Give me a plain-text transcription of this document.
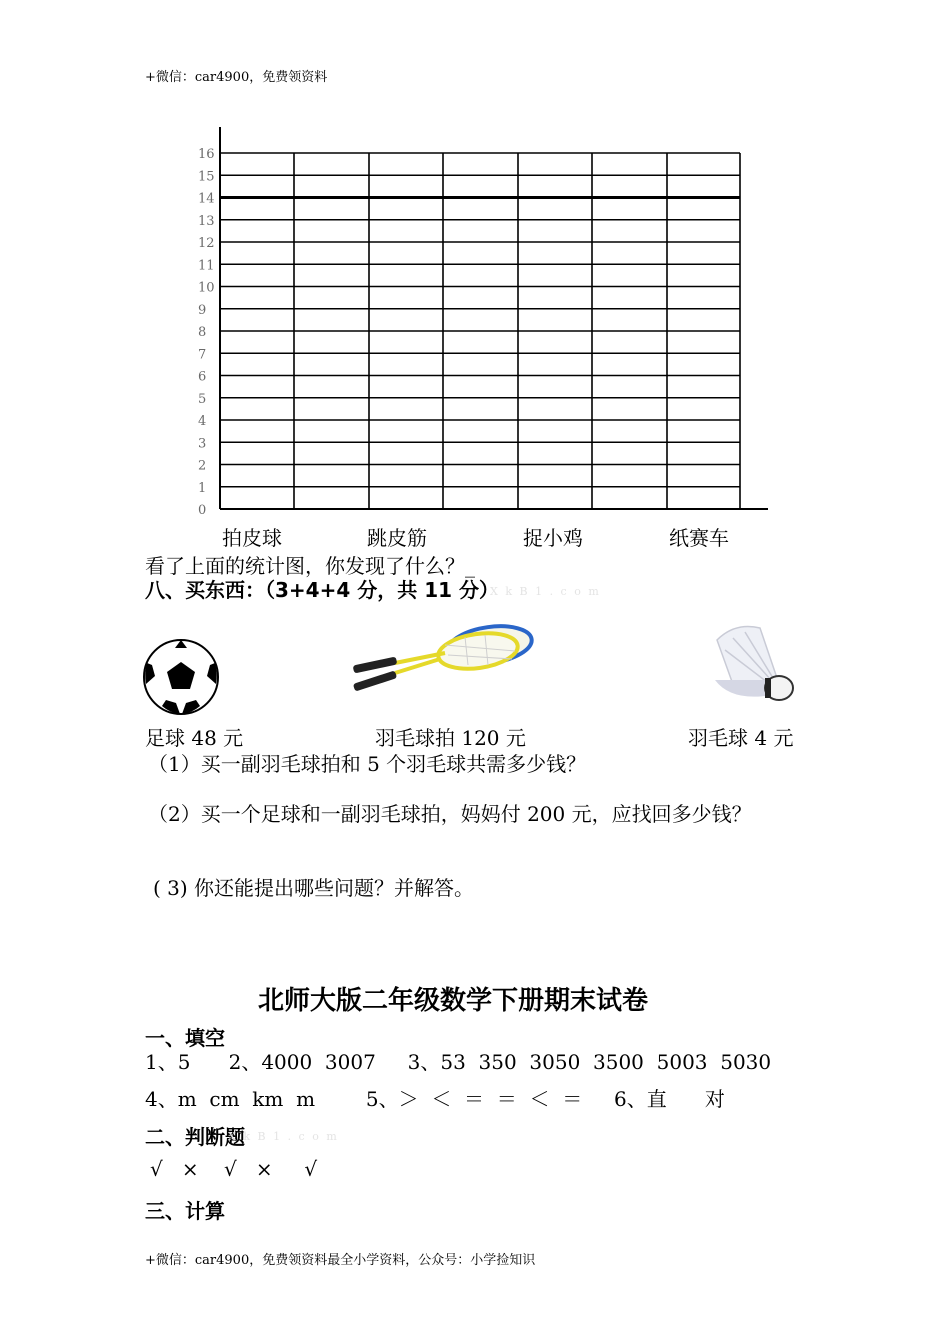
+微信：car4900，免费领资料
0
1
2
3
4
5
6
7
8
9
10
11
12
13
14
15
16
拍皮球	跳皮筋	捉小鸡	纸赛车
看了上面的统计图，你发现了什么？_
八、买东西：（3+4+4 分，共 11 分）
X k B 1 . c o m
足球 48 元	羽毛球拍 120 元	羽毛球 4 元
（1）买一副羽毛球拍和 5 个羽毛球共需多少钱？
（2）买一个足球和一副羽毛球拍，妈妈付 200 元，应找回多少钱？
( 3) 你还能提出哪些问题？并解答。
北师大版二年级数学下册期末试卷
一、填空
1、5      2、4000  3007     3、53  350  3050  3500  5003  5030
4、m  cm  km  m        5、＞  ＜  ＝  ＝  ＜  ＝     6、直      对
二、判断题
X k B 1 . c o m
√   ×    √   ×     √
三、计算
+微信：car4900，免费领资料最全小学资料，公众号：小学捡知识
